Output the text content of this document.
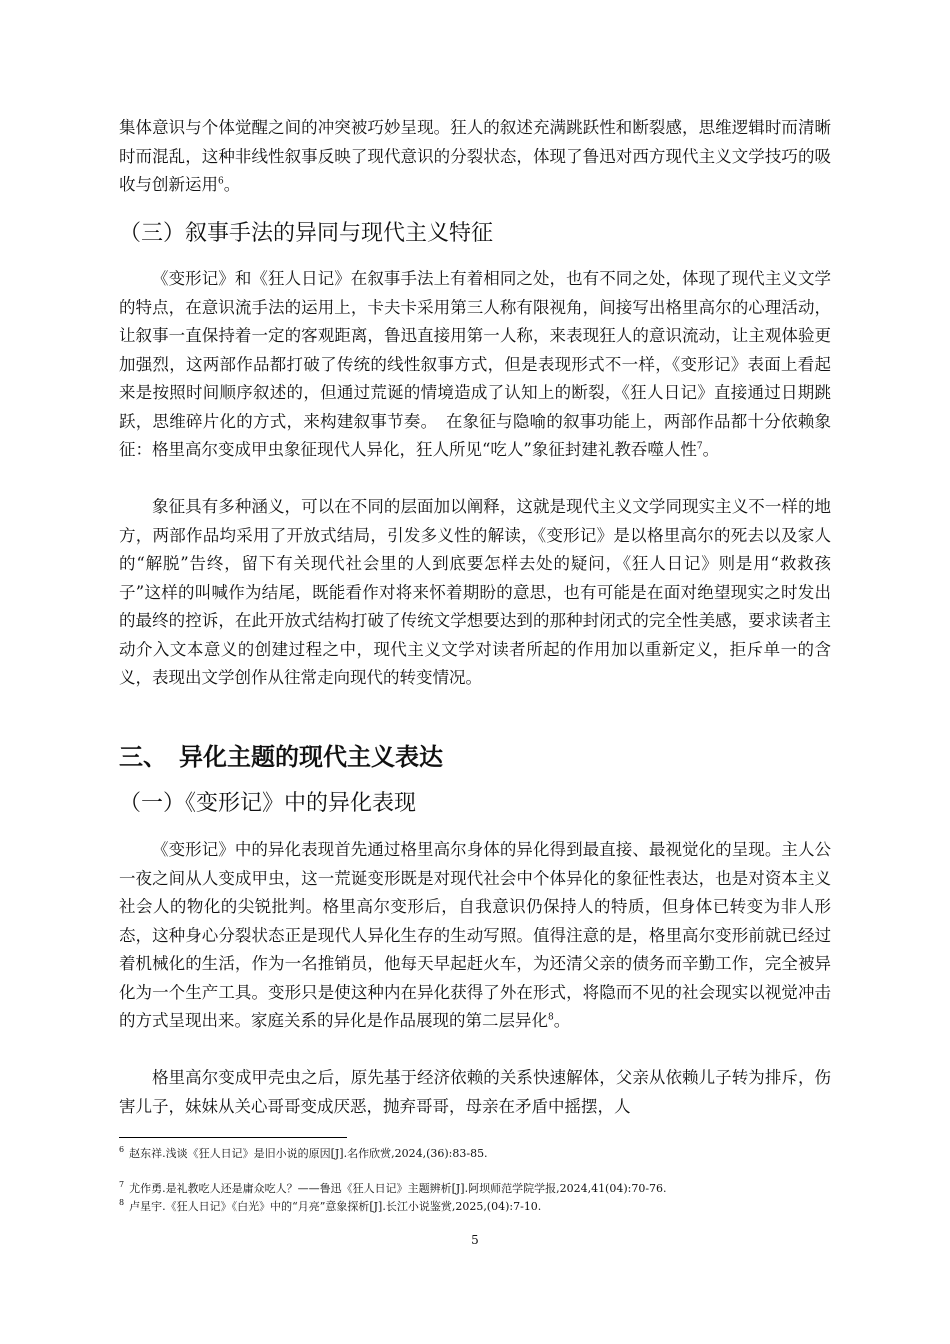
集体意识与个体觉醒之间的冲突被巧妙呈现。狂人的叙述充满跳跃性和断裂感，思维逻辑时而清晰时而混乱，这种非线性叙事反映了现代意识的分裂状态，体现了鲁迅对西方现代主义文学技巧的吸收与创新运用$^6$。

（三）叙事手法的异同与现代主义特征

《变形记》和《狂人日记》在叙事手法上有着相同之处，也有不同之处，体现了现代主义文学的特点，在意识流手法的运用上，卡夫卡采用第三人称有限视角，间接写出格里高尔的心理活动，让叙事一直保持着一定的客观距离，鲁迅直接用第一人称，来表现狂人的意识流动，让主观体验更加强烈，这两部作品都打破了传统的线性叙事方式，但是表现形式不一样，《变形记》表面上看起来是按照时间顺序叙述的，但通过荒诞的情境造成了认知上的断裂，《狂人日记》直接通过日期跳跃，思维碎片化的方式，来构建叙事节奏。　在象征与隐喻的叙事功能上，两部作品都十分依赖象征：格里高尔变成甲虫象征现代人异化，狂人所见“吃人”象征封建礼教吞噬人性$^7$。

象征具有多种涵义，可以在不同的层面加以阐释，这就是现代主义文学同现实主义不一样的地方，两部作品均采用了开放式结局，引发多义性的解读，《变形记》是以格里高尔的死去以及家人的“解脱”告终，留下有关现代社会里的人到底要怎样去处的疑问，《狂人日记》则是用“救救孩子”这样的叫喊作为结尾，既能看作对将来怀着期盼的意思，也有可能是在面对绝望现实之时发出的最终的控诉，在此开放式结构打破了传统文学想要达到的那种封闭式的完全性美感，要求读者主动介入文本意义的创建过程之中，现代主义文学对读者所起的作用加以重新定义，拒斥单一的含义，表现出文学创作从往常走向现代的转变情况。

三、　异化主题的现代主义表达
（一）《变形记》中的异化表现

《变形记》中的异化表现首先通过格里高尔身体的异化得到最直接、最视觉化的呈现。主人公一夜之间从人变成甲虫，这一荒诞变形既是对现代社会中个体异化的象征性表达，也是对资本主义社会人的物化的尖锐批判。格里高尔变形后，自我意识仍保持人的特质，但身体已转变为非人形态，这种身心分裂状态正是现代人异化生存的生动写照。值得注意的是，格里高尔变形前就已经过着机械化的生活，作为一名推销员，他每天早起赶火车，为还清父亲的债务而辛勤工作，完全被异化为一个生产工具。变形只是使这种内在异化获得了外在形式，将隐而不见的社会现实以视觉冲击的方式呈现出来。家庭关系的异化是作品展现的第二层异化$^8$。

格里高尔变成甲壳虫之后，原先基于经济依赖的关系快速解体，父亲从依赖儿子转为排斥，伤害儿子，妹妹从关心哥哥变成厌恶，抛弃哥哥，母亲在矛盾中摇摆，人

$^6$ 赵东祥.浅谈《狂人日记》是旧小说的原因[J].名作欣赏,2024,(36):83-85.

$^7$ 尤作勇.是礼教吃人还是庸众吃人？——鲁迅《狂人日记》主题辨析[J].阿坝师范学院学报,2024,41(04):70-76.

$^8$ 卢星宇.《狂人日记》《白光》中的“月亮”意象探析[J].长江小说鉴赏,2025,(04):7-10.

5
